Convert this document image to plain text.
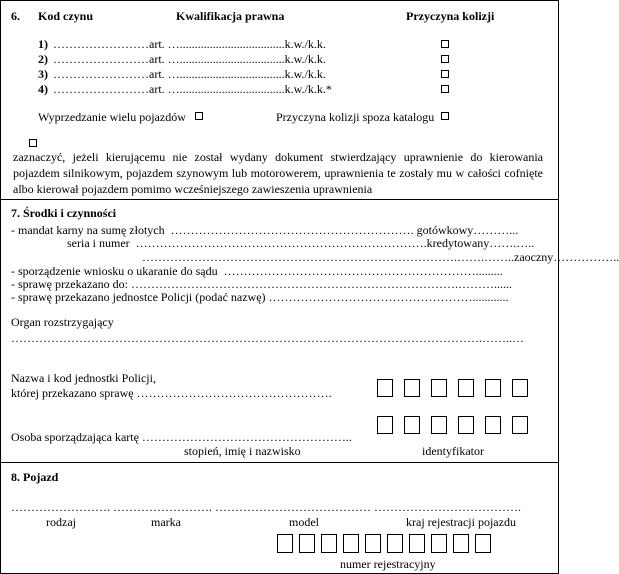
6. Kod czynu	Kwalifikacja prawna	Przyczyna kolizji
1) ……………………art. …...................................k.w./k.k.
2) ……………………art. …...................................k.w./k.k.
3) ……………………art. …...................................k.w./k.k.
4) ……………………art. …...................................k.w./k.k.*
Wyprzedzanie wielu pojazdów	Przyczyna kolizji spoza katalogu
zaznaczyć, jeżeli kierującemu nie został wydany dokument stwierdzający uprawnienie do kierowania pojazdem silnikowym, pojazdem szynowym lub motorowerem, uprawnienia te zostały mu w całości cofnięte albo kierował pojazdem pomimo wcześniejszego zawieszenia uprawnienia
7. Środki i czynności
- mandat karny na sumę złotych  ……………………………………………………. gotówkowy………...
seria i numer  ……………………………………………………………….kredytowany…….…..
…………………………………………………………………….…….……..zaoczny……………..
- sporządzenie wniosku o ukaranie do sądu  ……………………………………………………….........
- sprawę przekazano do: ……………………………………………………………………….………......
- sprawę przekazano jednostce Policji (podać nazwę) ……………………………………………............
Organ rozstrzygający
……………………………………………………………………………………………………….……..…
Nazwa i kod jednostki Policji,
której przekazano sprawę ………………………………………….
Osoba sporządzająca kartę ……………………………………………..
stopień, imię i nazwisko	identyfikator
8. Pojazd
……………………. ……………………. ………………………………… ……………………………….
rodzaj	marka	model	kraj rejestracji pojazdu
numer rejestracyjny
